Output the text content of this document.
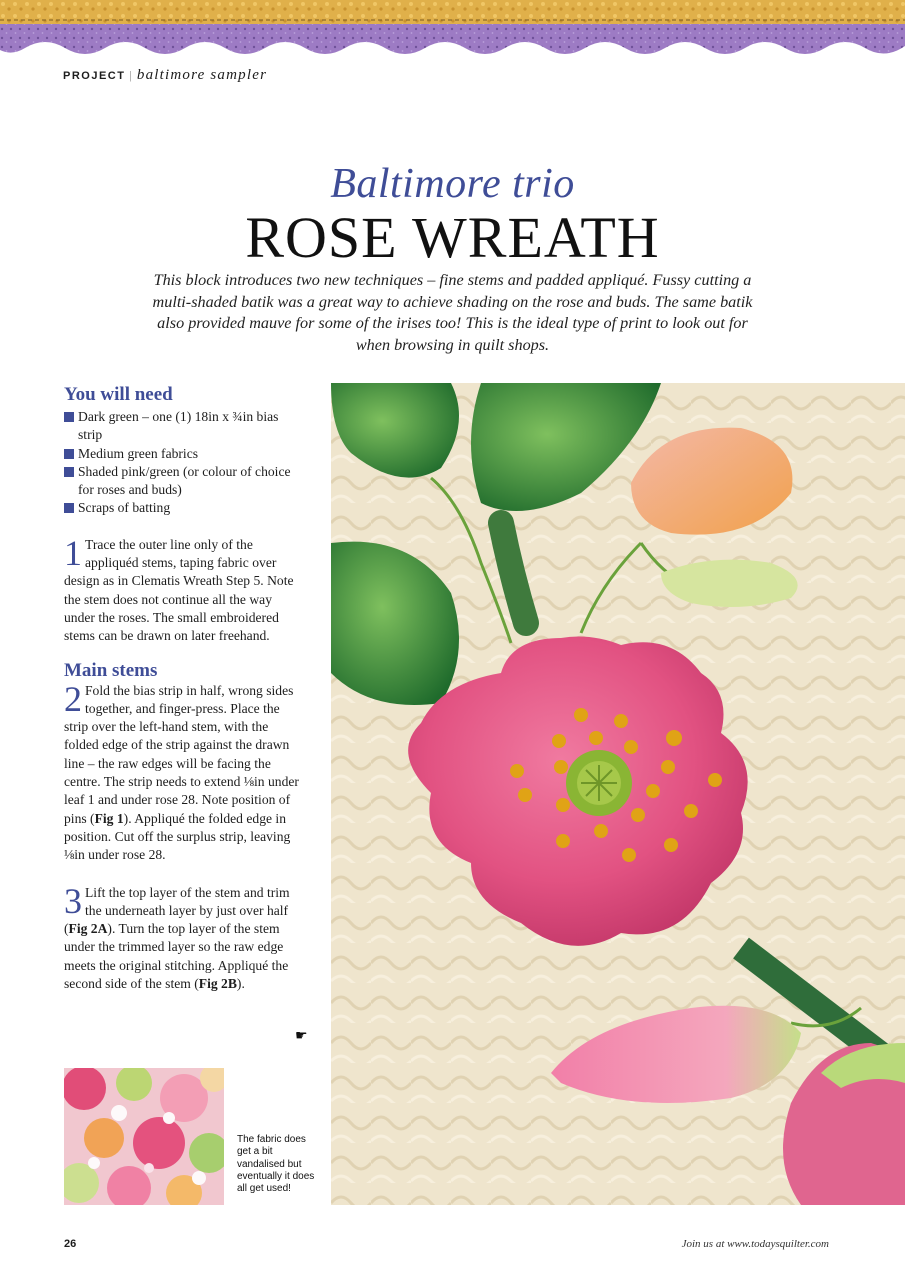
PROJECT | baltimore sampler
Baltimore trio
ROSE WREATH
This block introduces two new techniques – fine stems and padded appliqué. Fussy cutting a multi-shaded batik was a great way to achieve shading on the rose and buds. The same batik also provided mauve for some of the irises too! This is the ideal type of print to look out for when browsing in quilt shops.
You will need
Dark green – one (1) 18in x ¾in bias strip
Medium green fabrics
Shaded pink/green (or colour of choice for roses and buds)
Scraps of batting

1 Trace the outer line only of the appliquéd stems, taping fabric over design as in Clematis Wreath Step 5. Note the stem does not continue all the way under the roses. The small embroidered stems can be drawn on later freehand.

Main stems

2 Fold the bias strip in half, wrong sides together, and finger-press. Place the strip over the left-hand stem, with the folded edge of the strip against the drawn line – the raw edges will be facing the centre. The strip needs to extend ⅛in under leaf 1 and under rose 28. Note position of pins (Fig 1). Appliqué the folded edge in position. Cut off the surplus strip, leaving ⅛in under rose 28.

3 Lift the top layer of the stem and trim the underneath layer by just over half (Fig 2A). Turn the top layer of the stem under the trimmed layer so the raw edge meets the original stitching. Appliqué the second side of the stem (Fig 2B).

☛
The fabric does get a bit vandalised but eventually it does all get used!
26	Join us at www.todaysquilter.com
